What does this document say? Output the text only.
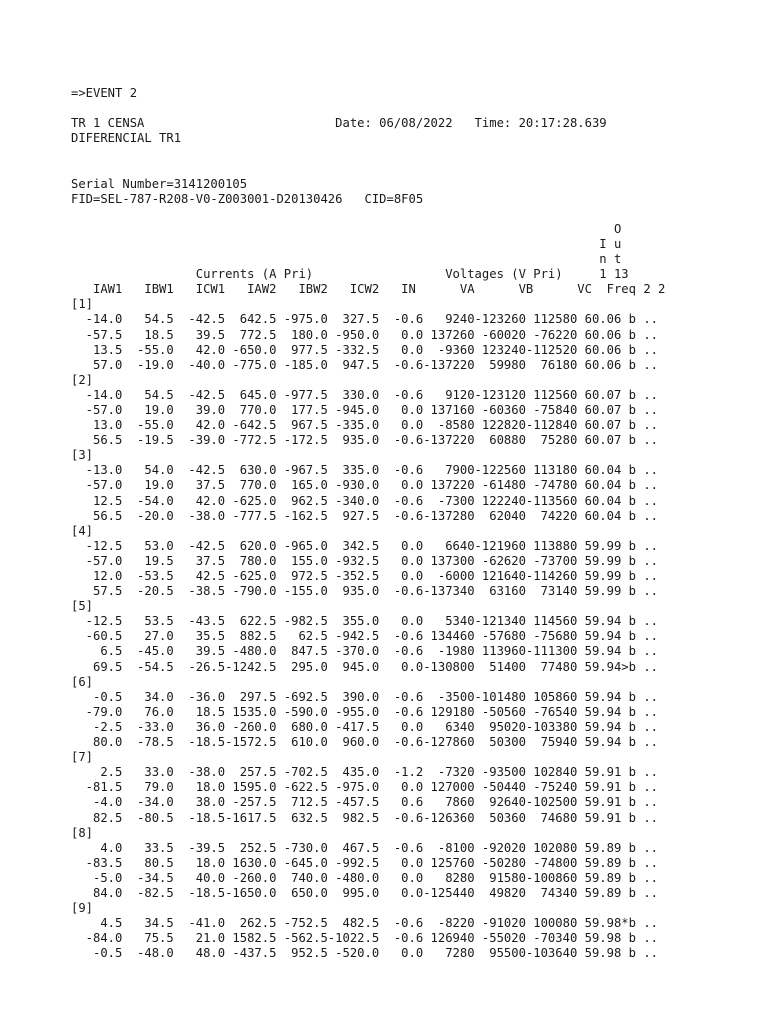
=>EVENT 2

TR 1 CENSA                          Date: 06/08/2022   Time: 20:17:28.639
DIFERENCIAL TR1

Serial Number=3141200105
FID=SEL-787-R208-V0-Z003001-D20130426   CID=8F05

O
I u
n t
Currents (A Pri)                  Voltages (V Pri)     1 13
IAW1   IBW1   ICW1   IAW2   IBW2   ICW2   IN      VA      VB      VC  Freq 2 2
[1]
-14.0   54.5  -42.5  642.5 -975.0  327.5  -0.6   9240-123260 112580 60.06 b ..
-57.5   18.5   39.5  772.5  180.0 -950.0   0.0 137260 -60020 -76220 60.06 b ..
13.5  -55.0   42.0 -650.0  977.5 -332.5   0.0  -9360 123240-112520 60.06 b ..
57.0  -19.0  -40.0 -775.0 -185.0  947.5  -0.6-137220  59980  76180 60.06 b ..
[2]
-14.0   54.5  -42.5  645.0 -977.5  330.0  -0.6   9120-123120 112560 60.07 b ..
-57.0   19.0   39.0  770.0  177.5 -945.0   0.0 137160 -60360 -75840 60.07 b ..
13.0  -55.0   42.0 -642.5  967.5 -335.0   0.0  -8580 122820-112840 60.07 b ..
56.5  -19.5  -39.0 -772.5 -172.5  935.0  -0.6-137220  60880  75280 60.07 b ..
[3]
-13.0   54.0  -42.5  630.0 -967.5  335.0  -0.6   7900-122560 113180 60.04 b ..
-57.0   19.0   37.5  770.0  165.0 -930.0   0.0 137220 -61480 -74780 60.04 b ..
12.5  -54.0   42.0 -625.0  962.5 -340.0  -0.6  -7300 122240-113560 60.04 b ..
56.5  -20.0  -38.0 -777.5 -162.5  927.5  -0.6-137280  62040  74220 60.04 b ..
[4]
-12.5   53.0  -42.5  620.0 -965.0  342.5   0.0   6640-121960 113880 59.99 b ..
-57.0   19.5   37.5  780.0  155.0 -932.5   0.0 137300 -62620 -73700 59.99 b ..
12.0  -53.5   42.5 -625.0  972.5 -352.5   0.0  -6000 121640-114260 59.99 b ..
57.5  -20.5  -38.5 -790.0 -155.0  935.0  -0.6-137340  63160  73140 59.99 b ..
[5]
-12.5   53.5  -43.5  622.5 -982.5  355.0   0.0   5340-121340 114560 59.94 b ..
-60.5   27.0   35.5  882.5   62.5 -942.5  -0.6 134460 -57680 -75680 59.94 b ..
6.5  -45.0   39.5 -480.0  847.5 -370.0  -0.6  -1980 113960-111300 59.94 b ..
69.5  -54.5  -26.5-1242.5  295.0  945.0   0.0-130800  51400  77480 59.94>b ..
[6]
-0.5   34.0  -36.0  297.5 -692.5  390.0  -0.6  -3500-101480 105860 59.94 b ..
-79.0   76.0   18.5 1535.0 -590.0 -955.0  -0.6 129180 -50560 -76540 59.94 b ..
-2.5  -33.0   36.0 -260.0  680.0 -417.5   0.0   6340  95020-103380 59.94 b ..
80.0  -78.5  -18.5-1572.5  610.0  960.0  -0.6-127860  50300  75940 59.94 b ..
[7]
2.5   33.0  -38.0  257.5 -702.5  435.0  -1.2  -7320 -93500 102840 59.91 b ..
-81.5   79.0   18.0 1595.0 -622.5 -975.0   0.0 127000 -50440 -75240 59.91 b ..
-4.0  -34.0   38.0 -257.5  712.5 -457.5   0.6   7860  92640-102500 59.91 b ..
82.5  -80.5  -18.5-1617.5  632.5  982.5  -0.6-126360  50360  74680 59.91 b ..
[8]
4.0   33.5  -39.5  252.5 -730.0  467.5  -0.6  -8100 -92020 102080 59.89 b ..
-83.5   80.5   18.0 1630.0 -645.0 -992.5   0.0 125760 -50280 -74800 59.89 b ..
-5.0  -34.5   40.0 -260.0  740.0 -480.0   0.0   8280  91580-100860 59.89 b ..
84.0  -82.5  -18.5-1650.0  650.0  995.0   0.0-125440  49820  74340 59.89 b ..
[9]
4.5   34.5  -41.0  262.5 -752.5  482.5  -0.6  -8220 -91020 100080 59.98*b ..
-84.0   75.5   21.0 1582.5 -562.5-1022.5  -0.6 126940 -55020 -70340 59.98 b ..
-0.5  -48.0   48.0 -437.5  952.5 -520.0   0.0   7280  95500-103640 59.98 b ..
